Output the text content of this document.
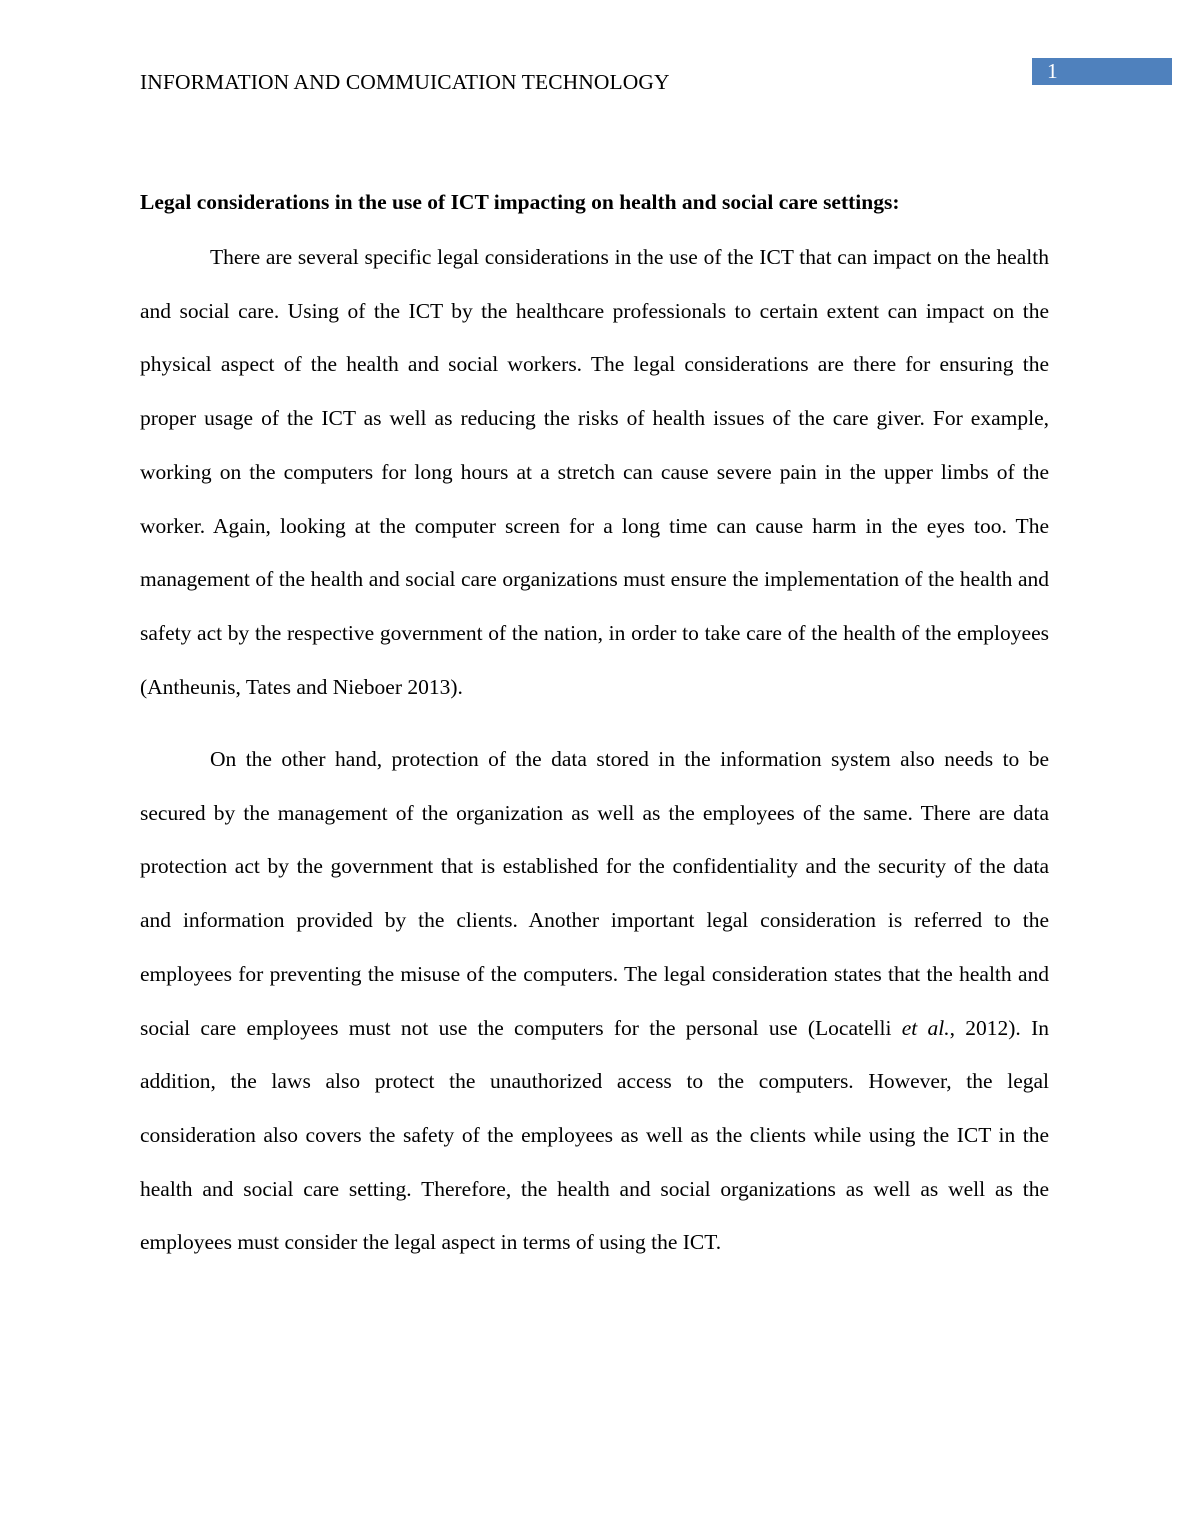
INFORMATION AND COMMUICATION TECHNOLOGY	1
Legal considerations in the use of ICT impacting on health and social care settings:

There are several specific legal considerations in the use of the ICT that can impact on the health and social care. Using of the ICT by the healthcare professionals to certain extent can impact on the physical aspect of the health and social workers. The legal considerations are there for ensuring the proper usage of the ICT as well as reducing the risks of health issues of the care giver. For example, working on the computers for long hours at a stretch can cause severe pain in the upper limbs of the worker. Again, looking at the computer screen for a long time can cause harm in the eyes too. The management of the health and social care organizations must ensure the implementation of the health and safety act by the respective government of the nation, in order to take care of the health of the employees (Antheunis, Tates and Nieboer 2013).

On the other hand, protection of the data stored in the information system also needs to be secured by the management of the organization as well as the employees of the same. There are data protection act by the government that is established for the confidentiality and the security of the data and information provided by the clients. Another important legal consideration is referred to the employees for preventing the misuse of the computers. The legal consideration states that the health and social care employees must not use the computers for the personal use (Locatelli et al., 2012). In addition, the laws also protect the unauthorized access to the computers. However, the legal consideration also covers the safety of the employees as well as the clients while using the ICT in the health and social care setting. Therefore, the health and social organizations as well as well as the employees must consider the legal aspect in terms of using the ICT.
